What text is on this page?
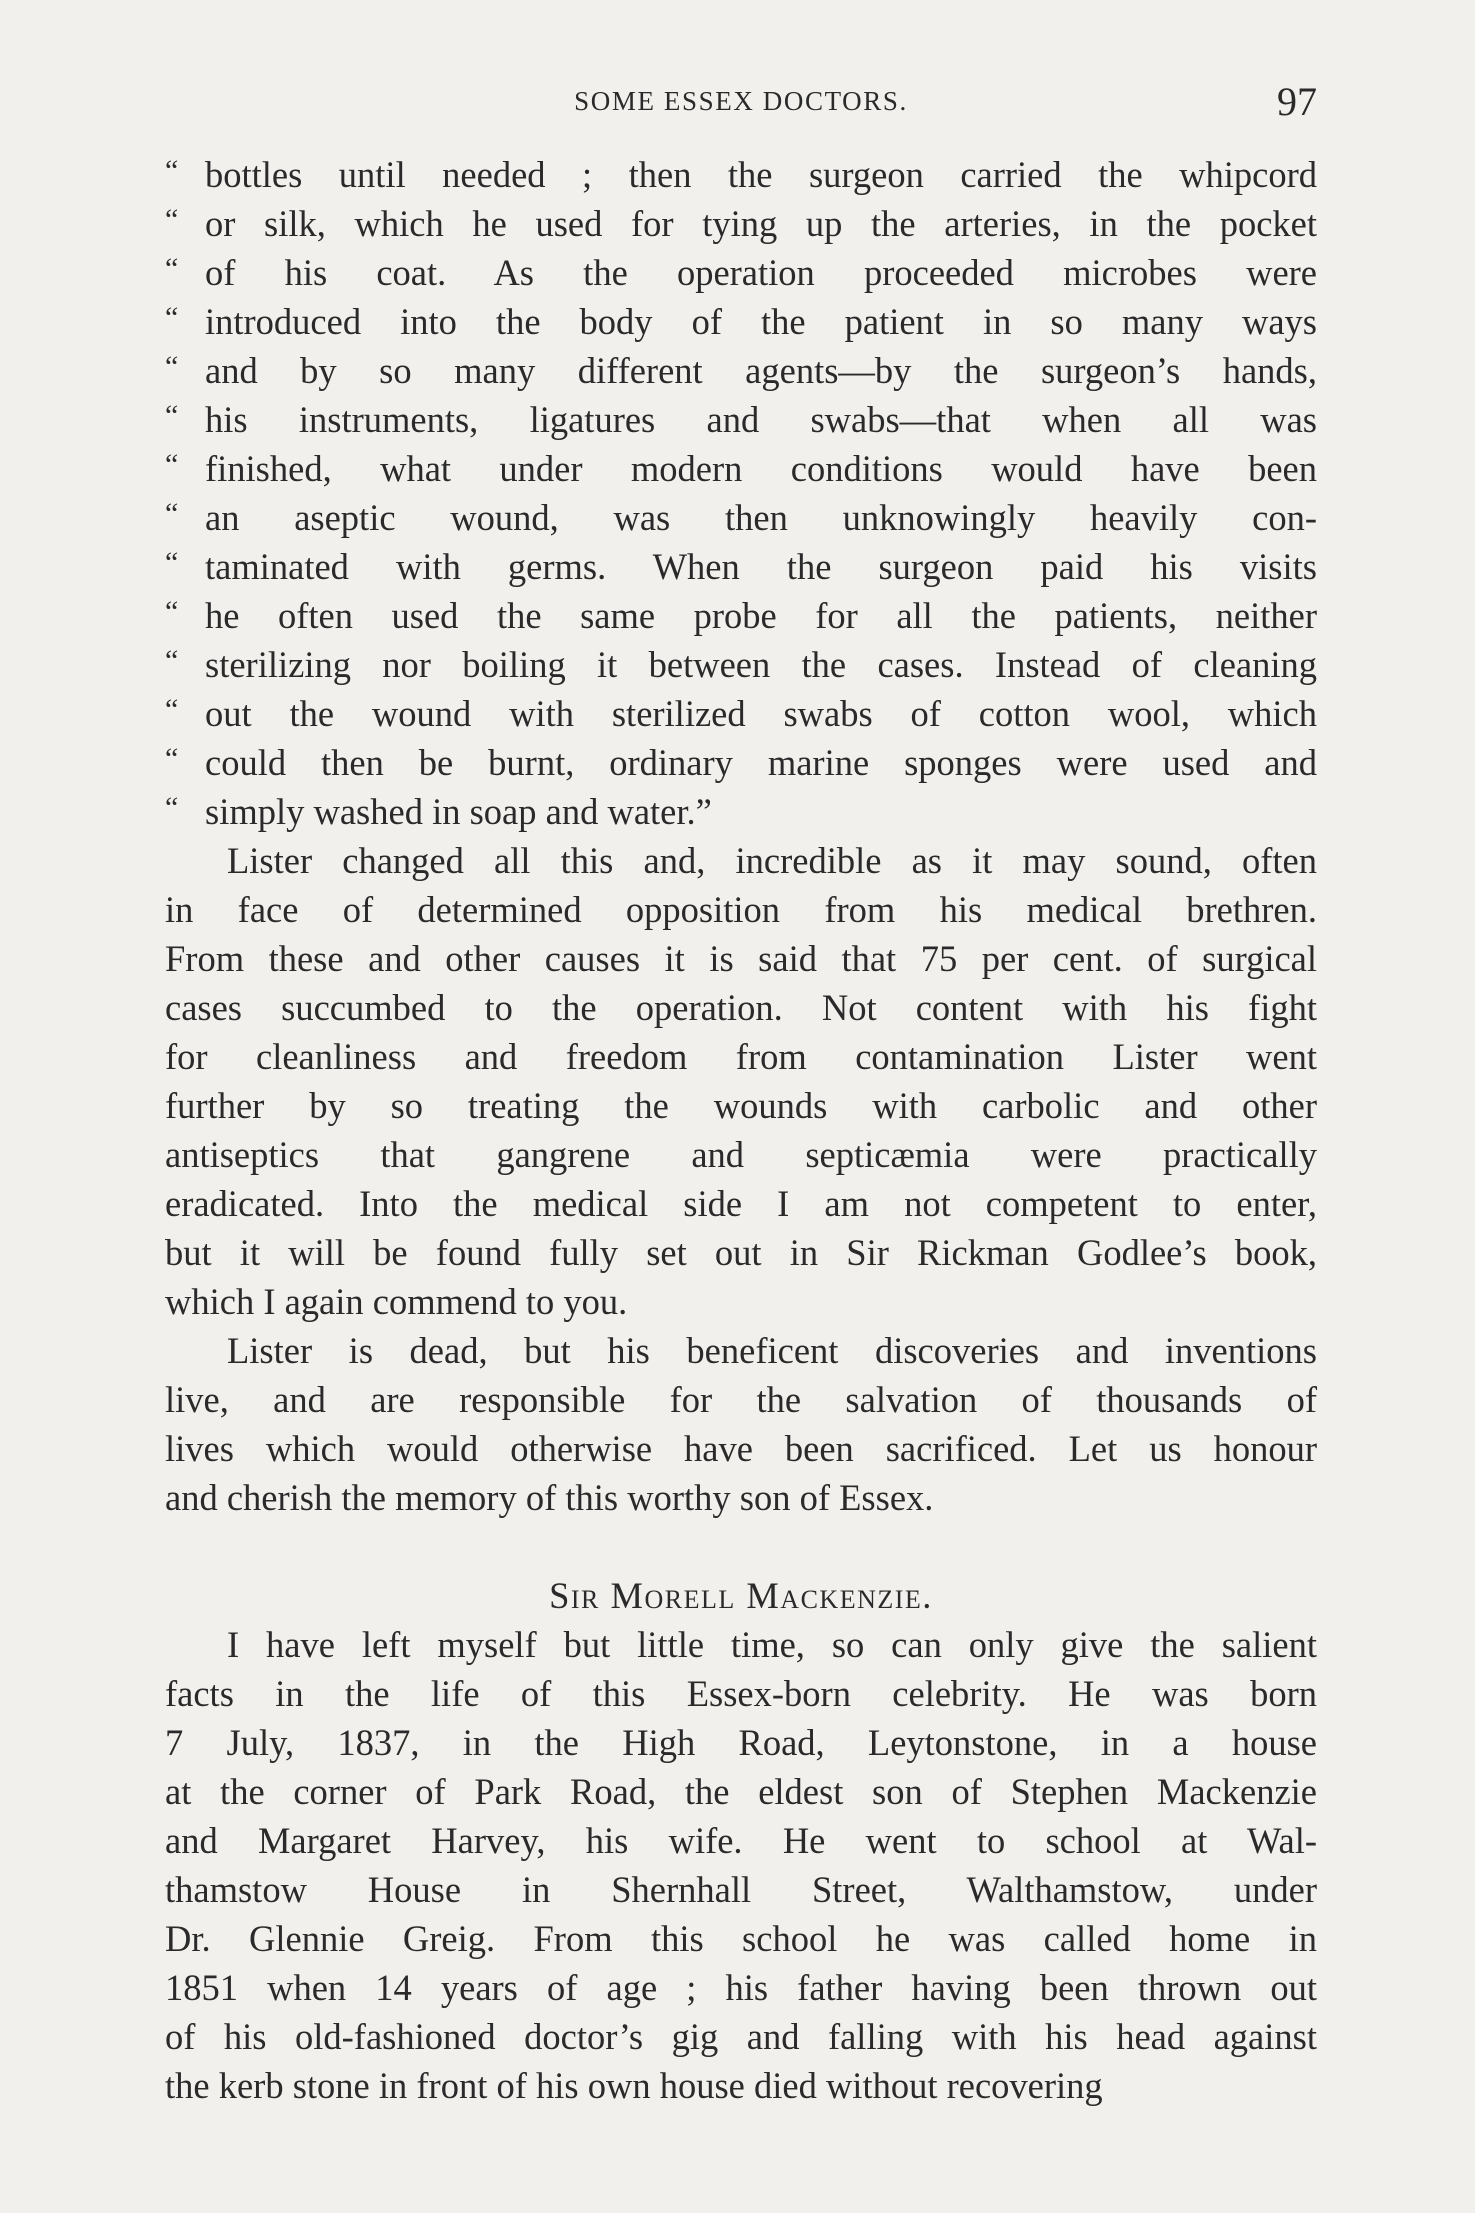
SOME ESSEX DOCTORS.	97
“ bottles until needed ; then the surgeon carried the whipcord
“ or silk, which he used for tying up the arteries, in the pocket
“ of his coat. As the operation proceeded microbes were
“ introduced into the body of the patient in so many ways
“ and by so many different agents—by the surgeon’s hands,
“ his instruments, ligatures and swabs—that when all was
“ finished, what under modern conditions would have been
“ an aseptic wound, was then unknowingly heavily con-
“ taminated with germs. When the surgeon paid his visits
“ he often used the same probe for all the patients, neither
“ sterilizing nor boiling it between the cases. Instead of cleaning
“ out the wound with sterilized swabs of cotton wool, which
“ could then be burnt, ordinary marine sponges were used and
“ simply washed in soap and water.”
Lister changed all this and, incredible as it may sound, often
in face of determined opposition from his medical brethren.
From these and other causes it is said that 75 per cent. of surgical
cases succumbed to the operation. Not content with his fight
for cleanliness and freedom from contamination Lister went
further by so treating the wounds with carbolic and other
antiseptics that gangrene and septicæmia were practically
eradicated. Into the medical side I am not competent to enter,
but it will be found fully set out in Sir Rickman Godlee’s book,
which I again commend to you.
Lister is dead, but his beneficent discoveries and inventions
live, and are responsible for the salvation of thousands of
lives which would otherwise have been sacrificed. Let us honour
and cherish the memory of this worthy son of Essex.
Sir Morell Mackenzie.
I have left myself but little time, so can only give the salient
facts in the life of this Essex-born celebrity. He was born
7 July, 1837, in the High Road, Leytonstone, in a house
at the corner of Park Road, the eldest son of Stephen Mackenzie
and Margaret Harvey, his wife. He went to school at Wal-
thamstow House in Shernhall Street, Walthamstow, under
Dr. Glennie Greig. From this school he was called home in
1851 when 14 years of age ; his father having been thrown out
of his old-fashioned doctor’s gig and falling with his head against
the kerb stone in front of his own house died without recovering
